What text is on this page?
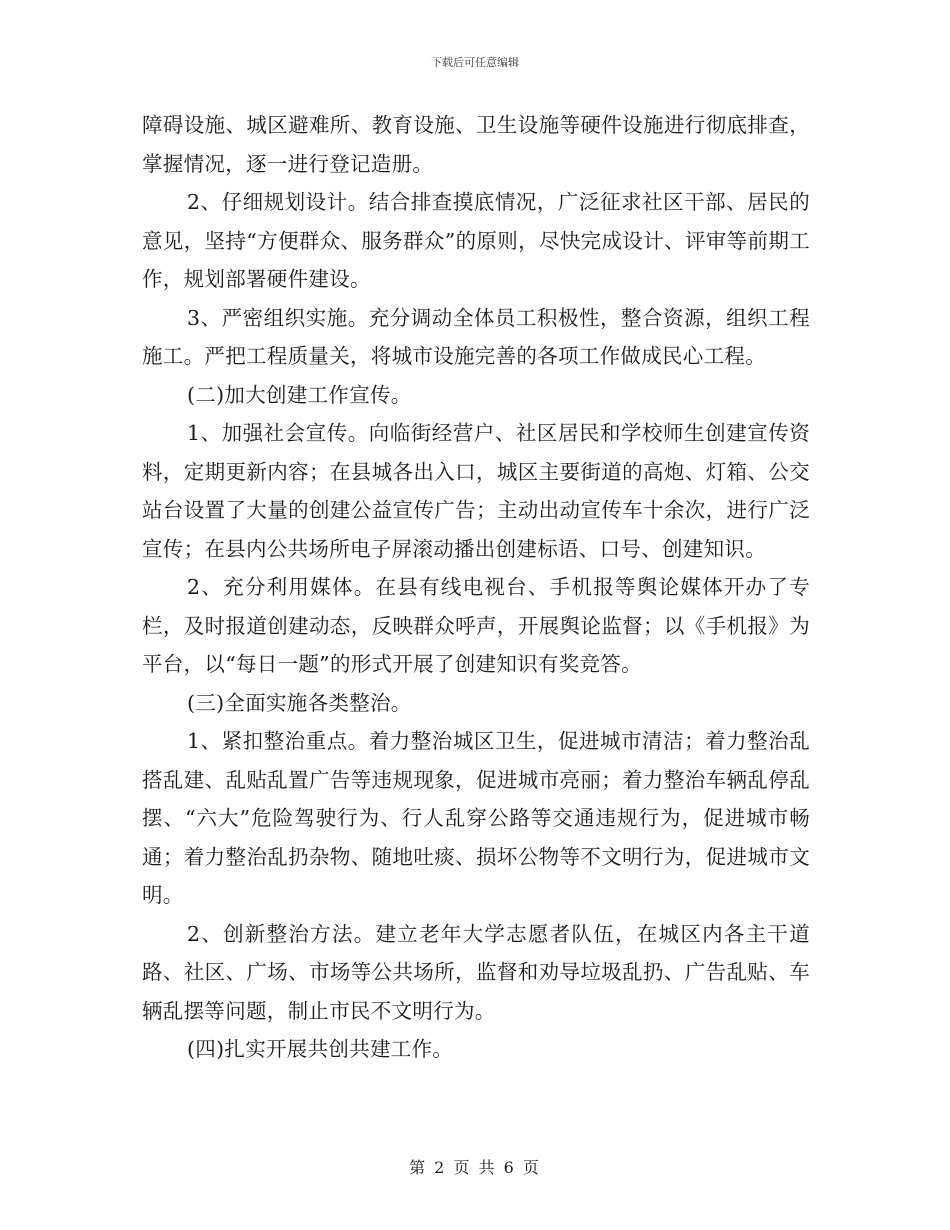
下载后可任意编辑

障碍设施、城区避难所、教育设施、卫生设施等硬件设施进行彻底排查，掌握情况，逐一进行登记造册。

2、仔细规划设计。结合排查摸底情况，广泛征求社区干部、居民的意见，坚持“方便群众、服务群众”的原则，尽快完成设计、评审等前期工作，规划部署硬件建设。

3、严密组织实施。充分调动全体员工积极性，整合资源，组织工程施工。严把工程质量关，将城市设施完善的各项工作做成民心工程。

(二)加大创建工作宣传。

1、加强社会宣传。向临街经营户、社区居民和学校师生创建宣传资料，定期更新内容；在县城各出入口，城区主要街道的高炮、灯箱、公交站台设置了大量的创建公益宣传广告；主动出动宣传车十余次，进行广泛宣传；在县内公共场所电子屏滚动播出创建标语、口号、创建知识。

2、充分利用媒体。在县有线电视台、手机报等舆论媒体开办了专栏，及时报道创建动态，反映群众呼声，开展舆论监督；以《手机报》为平台，以“每日一题”的形式开展了创建知识有奖竞答。

(三)全面实施各类整治。

1、紧扣整治重点。着力整治城区卫生，促进城市清洁；着力整治乱搭乱建、乱贴乱置广告等违规现象，促进城市亮丽；着力整治车辆乱停乱摆、“六大”危险驾驶行为、行人乱穿公路等交通违规行为，促进城市畅通；着力整治乱扔杂物、随地吐痰、损坏公物等不文明行为，促进城市文明。

2、创新整治方法。建立老年大学志愿者队伍，在城区内各主干道路、社区、广场、市场等公共场所，监督和劝导垃圾乱扔、广告乱贴、车辆乱摆等问题，制止市民不文明行为。

(四)扎实开展共创共建工作。

第 2 页 共 6 页
